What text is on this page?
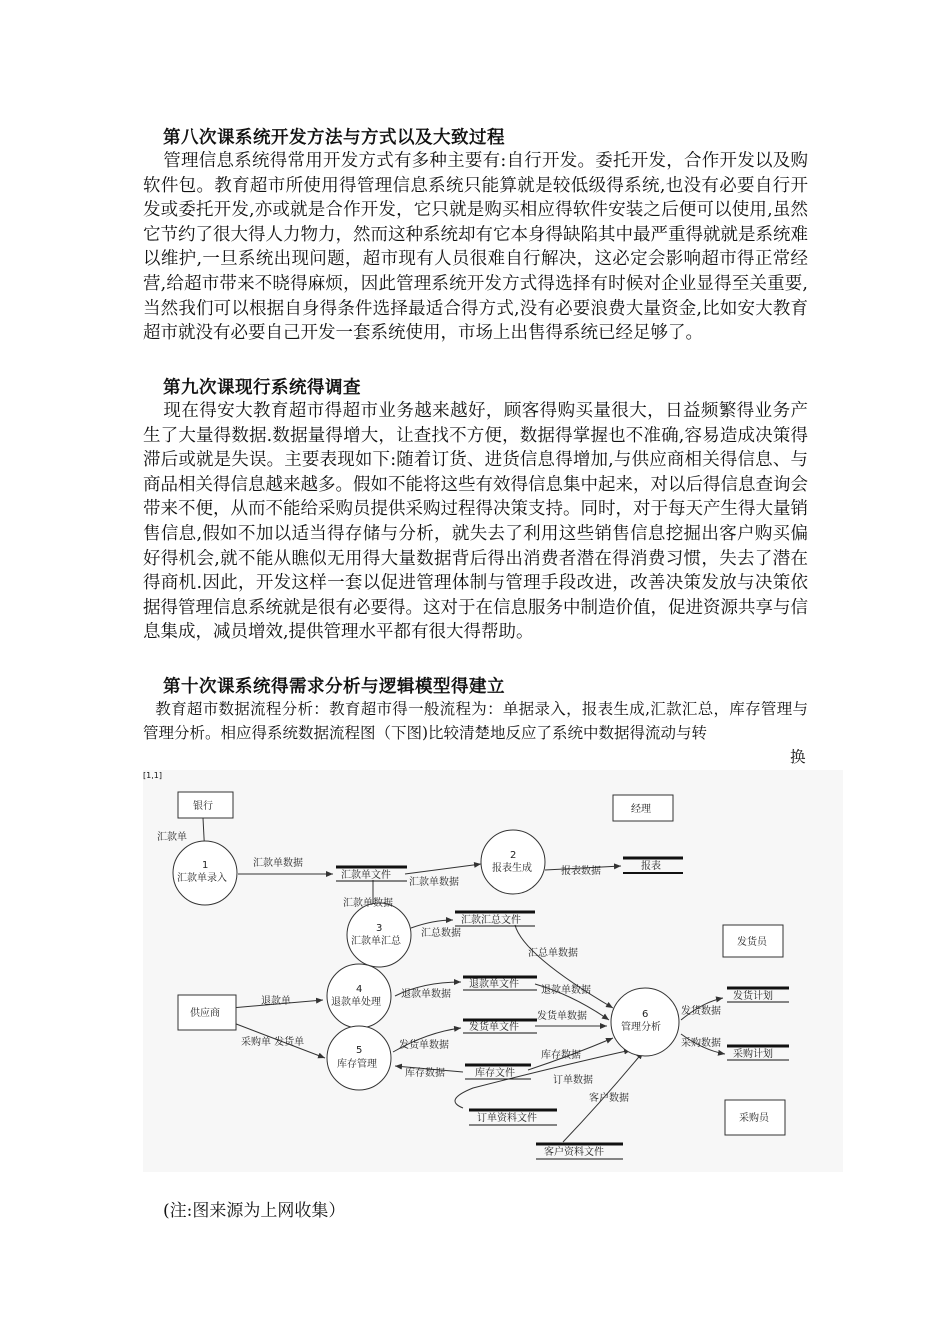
第八次课系统开发方法与方式以及大致过程

管理信息系统得常用开发方式有多种主要有:自行开发。委托开发，合作开发以及购软件包。教育超市所使用得管理信息系统只能算就是较低级得系统,也没有必要自行开发或委托开发,亦或就是合作开发，它只就是购买相应得软件安装之后便可以使用,虽然它节约了很大得人力物力，然而这种系统却有它本身得缺陷其中最严重得就就是系统难以维护,一旦系统出现问题，超市现有人员很难自行解决，这必定会影响超市得正常经营,给超市带来不晓得麻烦，因此管理系统开发方式得选择有时候对企业显得至关重要,当然我们可以根据自身得条件选择最适合得方式,没有必要浪费大量资金,比如安大教育超市就没有必要自己开发一套系统使用，市场上出售得系统已经足够了。

第九次课现行系统得调查

现在得安大教育超市得超市业务越来越好，顾客得购买量很大，日益频繁得业务产生了大量得数据.数据量得增大，让查找不方便，数据得掌握也不准确,容易造成决策得滞后或就是失误。主要表现如下:随着订货、进货信息得增加,与供应商相关得信息、与商品相关得信息越来越多。假如不能将这些有效得信息集中起来，对以后得信息查询会带来不便，从而不能给采购员提供采购过程得决策支持。同时，对于每天产生得大量销售信息,假如不加以适当得存储与分析，就失去了利用这些销售信息挖掘出客户购买偏好得机会,就不能从瞧似无用得大量数据背后得出消费者潜在得消费习惯，失去了潜在得商机.因此，开发这样一套以促进管理体制与管理手段改进，改善决策发放与决策依据得管理信息系统就是很有必要得。这对于在信息服务中制造价值，促进资源共享与信息集成，减员增效,提供管理水平都有很大得帮助。

第十次课系统得需求分析与逻辑模型得建立

教育超市数据流程分析：教育超市得一般流程为：单据录入，报表生成,汇款汇总，库存管理与管理分析。相应得系统数据流程图（下图)比较清楚地反应了系统中数据得流动与转

换
银行	经理
供应商
发货员
采购员
1
汇款单录入
2
报表生成
3
汇款单汇总
4
退款单处理
5
库存管理
6
管理分析
汇款单文件
报表
汇款汇总文件
退款单文件
发货单文件
库存文件
订单资料文件
客户资料文件
发货计划
采购计划
汇款单
汇款单数据
汇款单数据
汇款单数据
报表数据
汇总数据
汇总单数据
退款单
退款单数据	退款单数据
采购单 发货单	发货单数据
发货单数据
库存数据
库存数据
订单数据
客户数据
发货数据
采购数据
[1,1]

(注:图来源为上网收集）
